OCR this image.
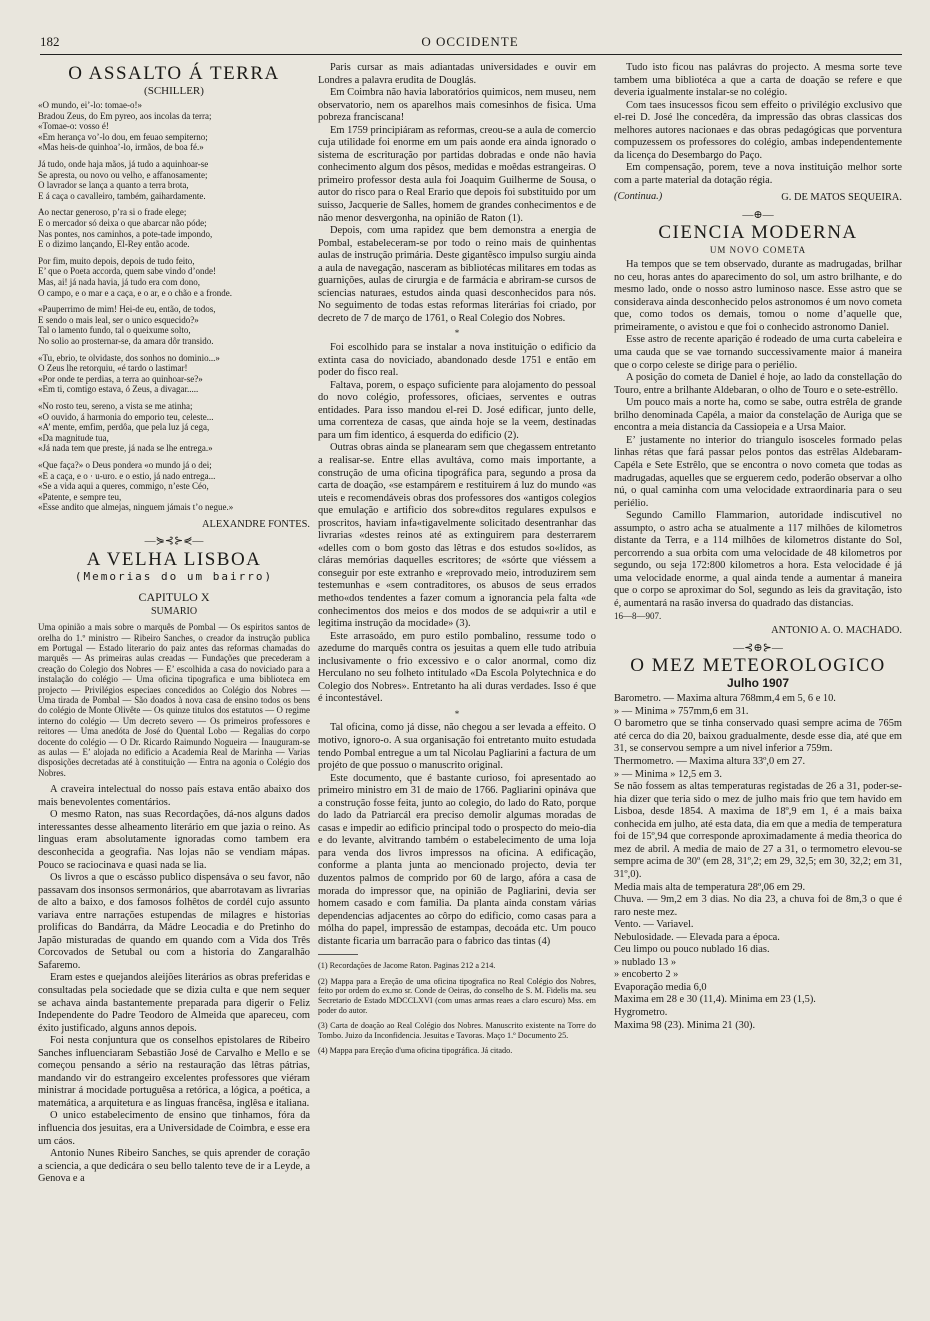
182	O OCCIDENTE

O ASSALTO Á TERRA

(SCHILLER)

«O mundo, ei’-lo: tomae-o!»

Bradou Zeus, do Em pyreo, aos incolas da terra;

«Tomae-o: vosso é!

«Em herança vo’-lo dou, em feuao sempiterno;

«Mas heis-de quinhoa’-lo, irmãos, de boa fé.»

Já tudo, onde haja mãos, já tudo a aquinhoar-se

Se apresta, ou novo ou velho, e affanosamente;

O lavrador se lança a quanto a terra brota,

E á caça o cavalleiro, também, gaihardamente.

Ao nectar generoso, p’ra si o frade elege;

E o mercador só deixa o que abarcar não póde;

Nas pontes, nos caminhos, a pote-tade impondo,

E o dizimo lançando, El-Rey então acode.

Por fim, muito depois, depois de tudo feito,

E’ que o Poeta accorda, quem sabe vindo d’onde!

Mas, ai! já nada havia, já tudo era com dono,

O campo, e o mar e a caça, e o ar, e o chão e a fronde.

«Pauperrimo de mim! Hei-de eu, então, de todos,

E sendo o mais leal, ser o unico esquecido?»

Tal o lamento fundo, tal o queixume solto,

No solio ao prosternar-se, da amara dôr transido.

«Tu, ebrio, te olvidaste, dos sonhos no dominio...»

O Zeus lhe retorquiu, «é tardo o lastimar!

«Por onde te perdias, a terra ao quinhoar-se?»

«Em ti, comtigo estava, ó Zeus, a divagar.....

«No rosto teu, sereno, a vista se me atinha;

«O ouvido, á harmonia do emporio teu, celeste...

«A’ mente, emfim, perdôa, que pela luz já cega,

«Da magnitude tua,

«Já nada tem que preste, já nada se lhe entrega.»

«Que faça?» o Deus pondera «o mundo já o dei;

«E a caça, e o · u-uro. e o estio, já nado entrega...

«Se a vida aqui a queres, commigo, n’este Céo,

«Patente, e sempre teu,

«Esse andito que almejas, ninguem jámais t’o negue.»

ALEXANDRE FONTES.

—⋟⊰⊱⋞—

A VELHA LISBOA

(Memorias do um bairro)

CAPITULO X

SUMARIO

Uma opinião a mais sobre o marquês de Pombal — Os espiritos santos de orelha do 1.º ministro — Ribeiro Sanches, o creador da instrução publica em Portugal — Estado literario do paiz antes das reformas chamadas do marquês — As primeiras aulas creadas — Fundações que precederam a creação do Colegio dos Nobres — E’ escolhida a casa do noviciado para a instalação do colégio — Uma oficina tipografica e uma biblioteca em projecto — Privilégios especiaes concedidos ao Colégio dos Nobres — Uma tirada de Pombal — São doados à nova casa de ensino todos os bens do colégio de Monte Olivête — Os quinze titulos dos estatutos — O regime interno do colégio — Um decreto severo — Os primeiros professores e reitores — Uma anedóta de José do Quental Lobo — Regalias do corpo docente do colégio — O Dr. Ricardo Raimundo Nogueira — Inauguram-se as aulas — E’ alojada no edificio a Academia Real de Marinha — Varias disposições decretadas até à constituição — Entra na agonia o Colégio dos Nobres.

A craveira intelectual do nosso país estava então abaixo dos mais benevolentes comentários.

O mesmo Raton, nas suas Recordações, dá-nos alguns dados interessantes desse alheamento literário em que jazia o reino. As linguas eram absolutamente ignoradas como tambem era desconhecida a geografia. Nas lojas não se vendiam mápas. Pouco se raciocinava e quasi nada se lia.

Os livros a que o escásso publico dispensáva o seu favor, não passavam dos insonsos sermonários, que abarrotavam as livrarias de alto a baixo, e dos famosos folhêtos de cordél cujo assunto variava entre narrações estupendas de milagres e historias prolificas do Bandárra, da Mádre Leocadia e do Pretinho do Japão misturadas de quando em quando com a Vida dos Três Corcovados de Setubal ou com a historia do Zangaralhão Safaremo.

Eram estes e quejandos aleijões literários as obras preferidas e consultadas pela sociedade que se dizia culta e que nem sequer se achava ainda bastantemente preparada para digerir o Feliz Independente do Padre Teodoro de Almeida que apareceu, com éxito justificado, alguns annos depois.

Foi nesta conjuntura que os conselhos epistolares de Ribeiro Sanches influenciaram Sebastião José de Carvalho e Mello e se começou pensando a sério na restauração das lêtras pátrias, mandando vir do estrangeiro excelentes professores que viéram ministrar á mocidade portuguêsa a retórica, a lógica, a poética, a matemática, a arquitetura e as linguas francêsa, inglêsa e italiana.

O unico estabelecimento de ensino que tinhamos, fóra da influencia dos jesuitas, era a Universidade de Coimbra, e esse era um cáos.

Antonio Nunes Ribeiro Sanches, se quis aprender de coração a sciencia, a que dedicára o seu bello talento teve de ir a Leyde, a Genova e a

Paris cursar as mais adiantadas universidades e ouvir em Londres a palavra erudita de Douglás.

Em Coimbra não havia laboratórios quimicos, nem museu, nem observatorio, nem os aparelhos mais comesinhos de fisica. Uma pobreza franciscana!

Em 1759 principiáram as reformas, creou-se a aula de comercio cuja utilidade foi enorme em um pais aonde era ainda ignorado o sistema de escrituração por partidas dobradas e onde não havia conhecimento algum dos pêsos, medidas e moêdas estrangeiras. O primeiro professor desta aula foi Joaquim Guilherme de Sousa, o autor do risco para o Real Erario que depois foi substituido por um suisso, Jacquerie de Salles, homem de grandes conhecimentos e de não menor desvergonha, na opinião de Raton (1).

Depois, com uma rapidez que bem demonstra a energia de Pombal, estabeleceram-se por todo o reino mais de quinhentas aulas de instrução primária. Deste gigantêsco impulso surgiu ainda a aula de navegação, nasceram as bibliotécas militares em todas as guarnições, aulas de cirurgia e de farmácia e abriram-se cursos de sciencias naturaes, estudos ainda quasi desconhecidos para nós. No seguimento de todas estas reformas literárias foi criado, por decreto de 7 de março de 1761, o Real Colegio dos Nobres.

*

Foi escolhido para se instalar a nova instituição o edificio da extinta casa do noviciado, abandonado desde 1751 e então em poder do fisco real.

Faltava, porem, o espaço suficiente para alojamento do pessoal do novo colégio, professores, oficiaes, serventes e outras entidades. Para isso mandou el-rei D. José edificar, junto delle, uma correnteza de casas, que ainda hoje se la veem, destinadas para um fim identico, á esquerda do edificio (2).

Outras obras ainda se planearam sem que chegassem entretanto a realisar-se. Entre ellas avultáva, como mais importante, a construção de uma oficina tipográfica para, segundo a prosa da carta de doação, «se estampárem e restituirem á luz do mundo «as uteis e recomendáveis obras dos professores dos «antigos colegios que emulação e artificio dos sobre«ditos regulares expulsos e proscritos, haviam infa«tigavelmente solicitado desentranhar das livrarias «destes reinos até as extinguirem para desterrarem «delles com o bom gosto das lêtras e dos estudos so«lidos, as cláras memórias daquelles escritores; de «sórte que viéssem a conseguir por este extranho e «reprovado meio, introduzirem sem testemunhas e «sem contraditores, os abusos de seus errados metho«dos tendentes a fazer comum a ignorancia pela falta «de conhecimentos dos meios e dos modos de se adqui«rir a util e legitima instrução da mocidade» (3).

Este arrasoádo, em puro estilo pombalino, ressume todo o azedume do marquês contra os jesuitas a quem elle tudo atribuia inclusivamente o frio excessivo e o calor anormal, como diz Herculano no seu folheto intitulado «Da Escola Polytechnica e do Colegio dos Nobres». Entretanto ha ali duras verdades. Isso é que é incontestável.

*

Tal oficina, como já disse, não chegou a ser levada a effeito. O motivo, ignoro-o. A sua organisação foi entretanto muito estudada tendo Pombal entregue a um tal Nicolau Pagliarini a factura de um projéto de que possuo o manuscrito original.

Este documento, que é bastante curioso, foi apresentado ao primeiro ministro em 31 de maio de 1766. Pagliarini opináva que a construção fosse feita, junto ao colegio, do lado do Rato, porque do lado da Patriarcál era preciso demolir algumas moradas de casas e impedir ao edificio principal todo o prospecto do meio-dia e do levante, alvitrando também o estabelecimento de uma loja para venda dos livros impressos na oficina. A edificação, conforme a planta junta ao mencionado projecto, devia ter duzentos palmos de comprido por 60 de largo, afóra a casa de morada do impressor que, na opinião de Pagliarini, devia ser homem casado e com familia. Da planta ainda constam várias dependencias adjacentes ao côrpo do edificio, como casas para a mólha do papel, impressão de estampas, decoáda etc. Um pouco distante ficaria um barracão para o fabrico das tintas (4)

(1) Recordações de Jacome Raton. Paginas 212 a 214.

(2) Mappa para a Ereção de uma oficina tipografica no Real Colégio dos Nobres, feito por ordem do ex.mo sr. Conde de Oeiras, do conselho de S. M. Fidelis ma. seu Secretario de Estado MDCCLXVI (com umas armas reaes a claro escuro) Mss. em poder do autor.

(3) Carta de doação ao Real Colégio dos Nobres. Manuscrito existente na Torre do Tombo. Juizo da Inconfidencia. Jesuitas e Tavoras. Maço 1.º Documento 25.

(4) Mappa para Ereção d'uma oficina tipográfica. Já citado.

Tudo isto ficou nas palávras do projecto. A mesma sorte teve tambem uma bibliotéca a que a carta de doação se refere e que deveria igualmente instalar-se no colégio.

Com taes insucessos ficou sem effeito o privilégio exclusivo que el-rei D. José lhe concedêra, da impressão das obras classicas dos melhores autores nacionaes e das obras pedagógicas que porventura compuzessem os professores do colégio, ambas independentemente da licença do Desembargo do Paço.

Em compensação, porem, teve a nova instituição melhor sorte com a parte material da dotação régia.

(Continua.)	G. DE MATOS SEQUEIRA.

—⊕—

CIENCIA MODERNA

UM NOVO COMETA

Ha tempos que se tem observado, durante as madrugadas, brilhar no ceu, horas antes do aparecimento do sol, um astro brilhante, e do mesmo lado, onde o nosso astro luminoso nasce. Esse astro que se considerava ainda desconhecido pelos astronomos é um novo cometa que, como todos os demais, tomou o nome d’aquelle que, primeiramente, o avistou e que foi o conhecido astronomo Daniel.

Esse astro de recente aparição é rodeado de uma curta cabeleira e uma cauda que se vae tornando successivamente maior á maneira que o corpo celeste se dirige para o periélio.

A posição do cometa de Daniel é hoje, ao lado da constellação do Touro, entre a brilhante Aldebaran, o olho de Touro e o sete-estrêllo.

Um pouco mais a norte ha, como se sabe, outra estrêla de grande brilho denominada Capéla, a maior da constelação de Auriga que se encontra a meia distancia da Cassiopeia e a Ursa Maior.

E’ justamente no interior do triangulo isosceles formado pelas linhas rétas que fará passar pelos pontos das estrêlas Aldebaram-Capéla e Sete Estrêlo, que se encontra o novo cometa que todas as madrugadas, aquelles que se erguerem cedo, poderão observar a olho nú, o qual caminha com uma velocidade extraordinaria para o seu periélio.

Segundo Camillo Flammarion, autoridade indiscutivel no assumpto, o astro acha se atualmente a 117 milhões de kilometros distante da Terra, e a 114 milhões de kilometros distante do Sol, percorrendo a sua orbita com uma velocidade de 48 kilometros por segundo, ou seja 172:800 kilometros a hora. Esta velocidade é já uma velocidade enorme, a qual ainda tende a aumentar á maneira que o corpo se aproximar do Sol, segundo as leis da gravitação, isto é, aumentará na rasão inversa do quadrado das distancias.

16—8—907.

ANTONIO A. O. MACHADO.

—⊰⊕⊱—

O MEZ METEOROLOGICO

Julho 1907

Barometro. — Maxima altura 768mm,4 em 5, 6 e 10.

» — Minima » 757mm,6 em 31.

O barometro que se tinha conservado quasi sempre acima de 765m até cerca do dia 20, baixou gradualmente, desde esse dia, até que em 31, se conservou sempre a um nivel inferior a 759m.

Thermometro. — Maxima altura 33º,0 em 27.

» — Minima » 12,5 em 3.

Se não fossem as altas temperaturas registadas de 26 a 31, poder-se-hia dizer que teria sido o mez de julho mais frio que tem havido em Lisboa, desde 1854. A maxima de 18º,9 em 1, é a mais baixa conhecida em julho, até esta data, dia em que a media de temperatura foi de 15º,94 que corresponde aproximadamente á media theorica do mez de abril. A media de maio de 27 a 31, o termometro elevou-se sempre acima de 30º (em 28, 31º,2; em 29, 32,5; em 30, 32,2; em 31, 31º,0).

Media mais alta de temperatura 28º,06 em 29.

Chuva. — 9m,2 em 3 dias. No dia 23, a chuva foi de 8m,3 o que é raro neste mez.

Vento. — Variavel.

Nebulosidade. — Elevada para a época.

Ceu limpo ou pouco nublado 16 dias.

» nublado 13 »

» encoberto 2 »

Evaporação media 6,0

Maxima em 28 e 30 (11,4). Minima em 23 (1,5).

Hygrometro.

Maxima 98 (23). Minima 21 (30).
